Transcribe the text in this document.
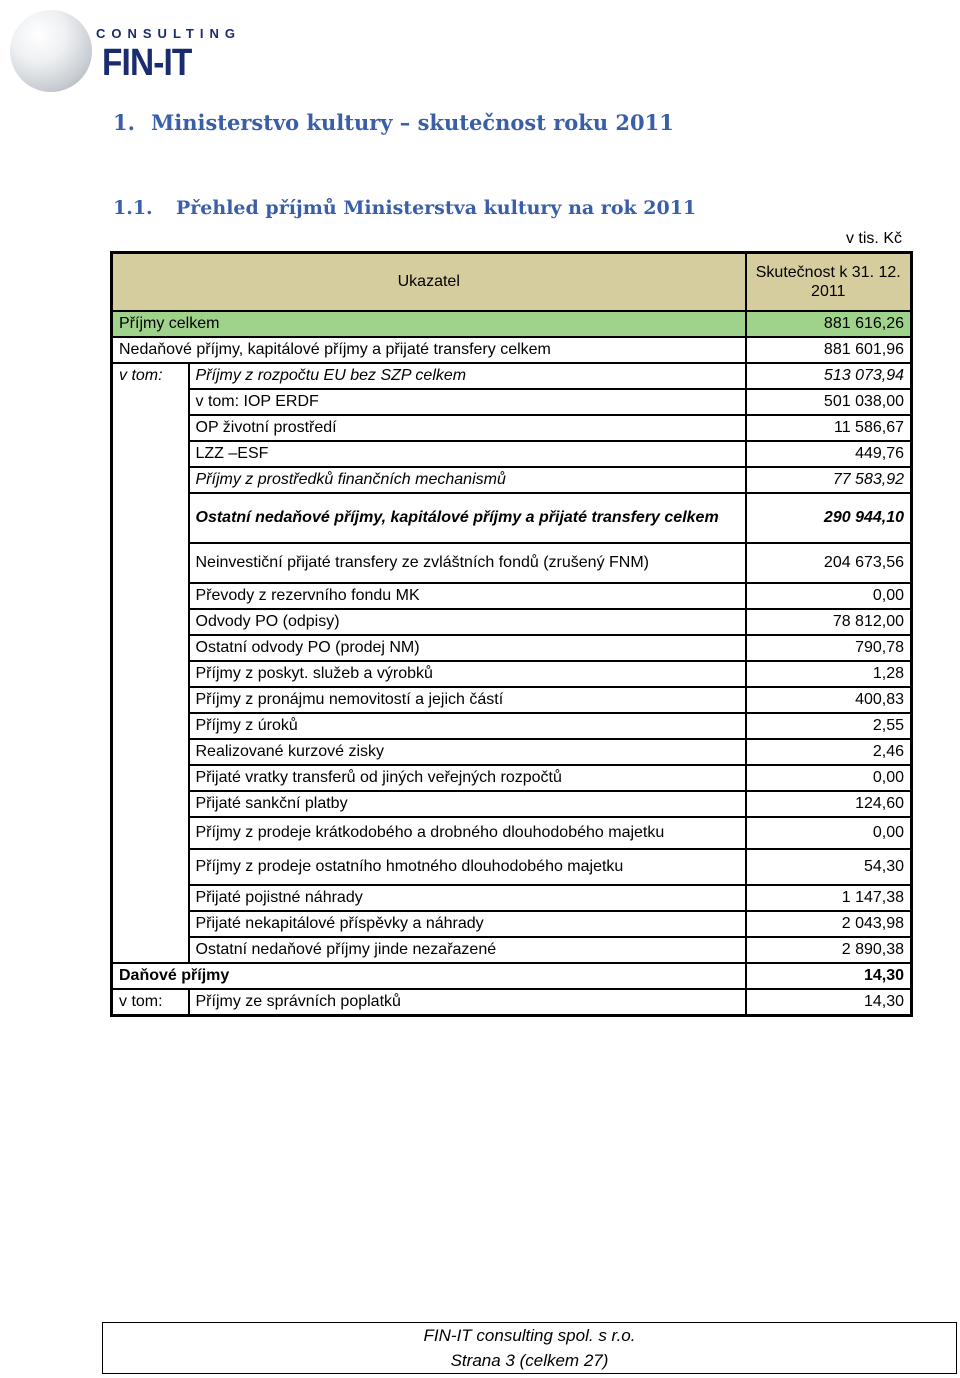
CONSULTING
FIN-IT
1. Ministerstvo kultury – skutečnost roku 2011
1.1. Přehled příjmů Ministerstva kultury na rok 2011
v tis. Kč
Ukazatel		Skutečnost k 31. 12. 2011
Příjmy celkem		881 616,26
Nedaňové příjmy, kapitálové příjmy a přijaté transfery celkem		881 601,96
v tom:	Příjmy z rozpočtu EU bez SZP celkem	513 073,94
	v tom: IOP ERDF	501 038,00
	OP životní prostředí	11 586,67
	LZZ –ESF	449,76
	Příjmy z prostředků finančních mechanismů	77 583,92
	Ostatní nedaňové příjmy, kapitálové příjmy a přijaté transfery celkem	290 944,10
	Neinvestiční přijaté transfery ze zvláštních fondů (zrušený FNM)	204 673,56
	Převody z rezervního fondu MK	0,00
	Odvody PO (odpisy)	78 812,00
	Ostatní odvody PO (prodej NM)	790,78
	Příjmy z poskyt. služeb a výrobků	1,28
	Příjmy z pronájmu nemovitostí a jejich částí	400,83
	Příjmy z úroků	2,55
	Realizované kurzové zisky	2,46
	Přijaté vratky transferů od jiných veřejných rozpočtů	0,00
	Přijaté sankční platby	124,60
	Příjmy z prodeje krátkodobého a drobného dlouhodobého majetku	0,00
	Příjmy z prodeje ostatního hmotného dlouhodobého majetku	54,30
	Přijaté pojistné náhrady	1 147,38
	Přijaté nekapitálové příspěvky a náhrady	2 043,98
	Ostatní nedaňové příjmy jinde nezařazené	2 890,38
Daňové příjmy		14,30
v tom:	Příjmy ze správních poplatků	14,30
FIN-IT consulting spol. s r.o.
Strana 3 (celkem 27)
